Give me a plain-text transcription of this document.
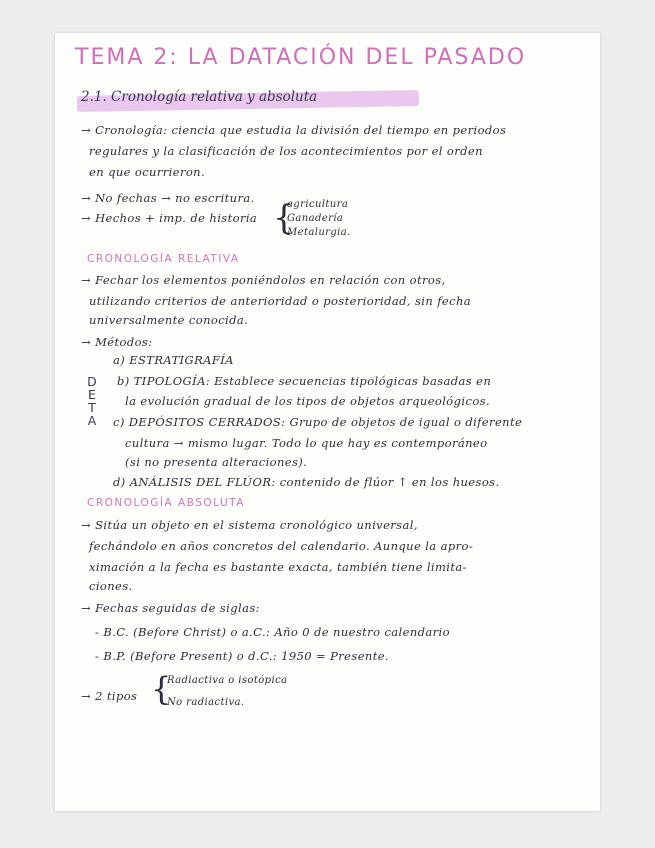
TEMA 2: LA DATACIÓN DEL PASADO
2.1. Cronología relativa y absoluta
→ Cronología: ciencia que estudia la división del tiempo en periodos
regulares y la clasificación de los acontecimientos por el orden
en que ocurrieron.
→ No fechas → no escritura.
→ Hechos + imp. de historia {
agricultura
Ganadería
Metalurgia.
CRONOLOGÍA RELATIVA
→ Fechar los elementos poniéndolos en relación con otros,
utilizando criterios de anterioridad o posterioridad, sin fecha
universalmente conocida.
→ Métodos:
D
E
T
A
a) ESTRATIGRAFÍA
b) TIPOLOGÍA: Establece secuencias tipológicas basadas en
la evolución gradual de los tipos de objetos arqueológicos.
c) DEPÓSITOS CERRADOS: Grupo de objetos de igual o diferente
cultura → mismo lugar. Todo lo que hay es contemporáneo
(si no presenta alteraciones).
d) ANÁLISIS DEL FLÚOR: contenido de flúor ↑ en los huesos.
CRONOLOGÍA ABSOLUTA
→ Sitúa un objeto en el sistema cronológico universal,
fechándolo en años concretos del calendario. Aunque la apro-
ximación a la fecha es bastante exacta, también tiene limita-
ciones.
→ Fechas seguidas de siglas:
- B.C. (Before Christ) o a.C.: Año 0 de nuestro calendario
- B.P. (Before Present) o d.C.: 1950 = Presente.
→ 2 tipos {
Radiactiva o isotópica
No radiactiva.
